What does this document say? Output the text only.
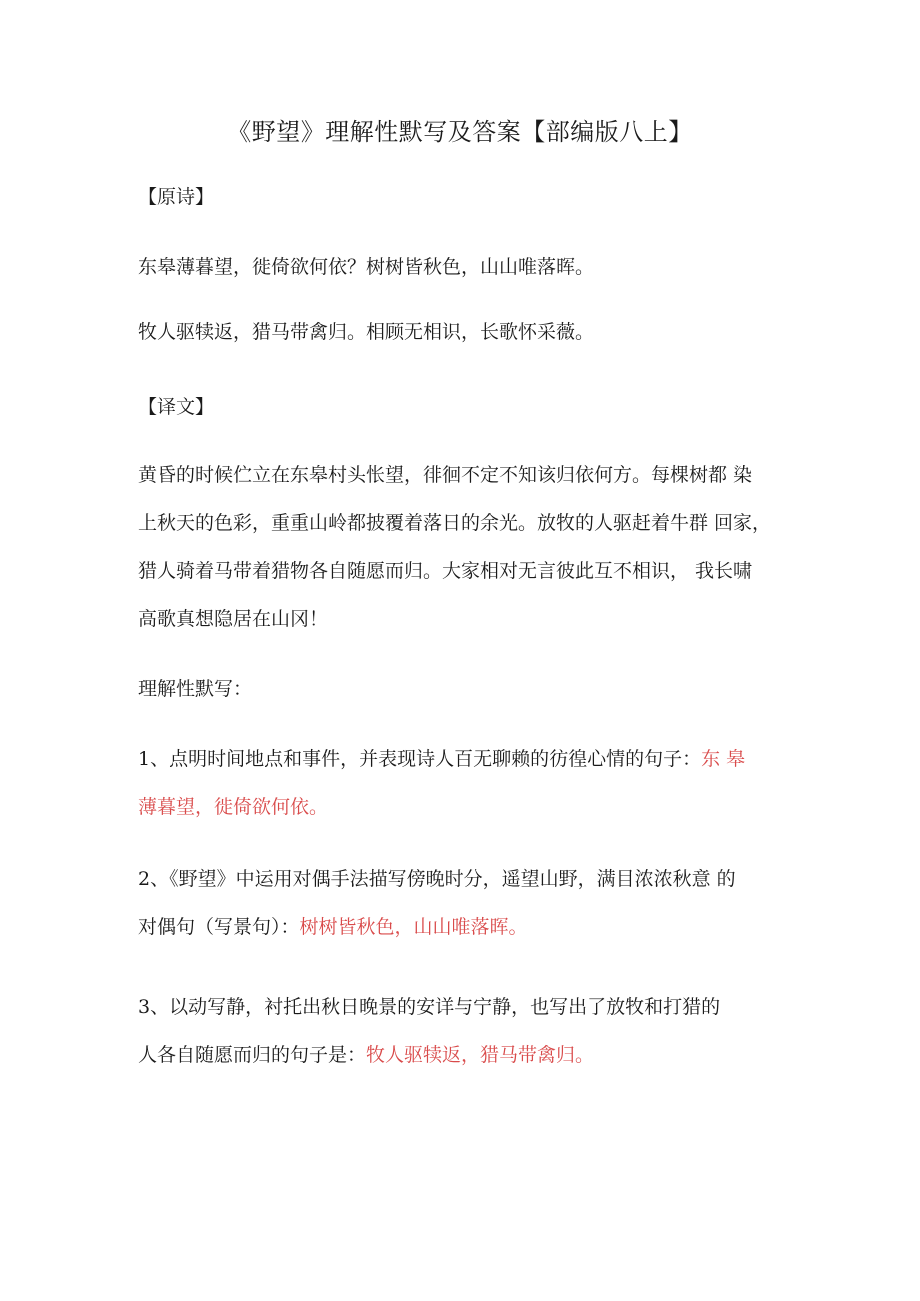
《野望》理解性默写及答案【部编版八上】
【原诗】
东皋薄暮望，徙倚欲何依？树树皆秋色，山山唯落晖。
牧人驱犊返，猎马带禽归。相顾无相识，长歌怀采薇。
【译文】
黄昏的时候伫立在东皋村头怅望，徘徊不定不知该归依何方。每棵树都 染
上秋天的色彩，重重山岭都披覆着落日的余光。放牧的人驱赶着牛群 回家，
猎人骑着马带着猎物各自随愿而归。大家相对无言彼此互不相识， 我长啸
高歌真想隐居在山冈！
理解性默写：
1、点明时间地点和事件，并表现诗人百无聊赖的彷徨心情的句子：东 皋
薄暮望，徙倚欲何依。
2、《野望》中运用对偶手法描写傍晚时分，遥望山野，满目浓浓秋意 的
对偶句（写景句）：树树皆秋色，山山唯落晖。
3、以动写静，衬托出秋日晚景的安详与宁静，也写出了放牧和打猎的
人各自随愿而归的句子是：牧人驱犊返，猎马带禽归。
